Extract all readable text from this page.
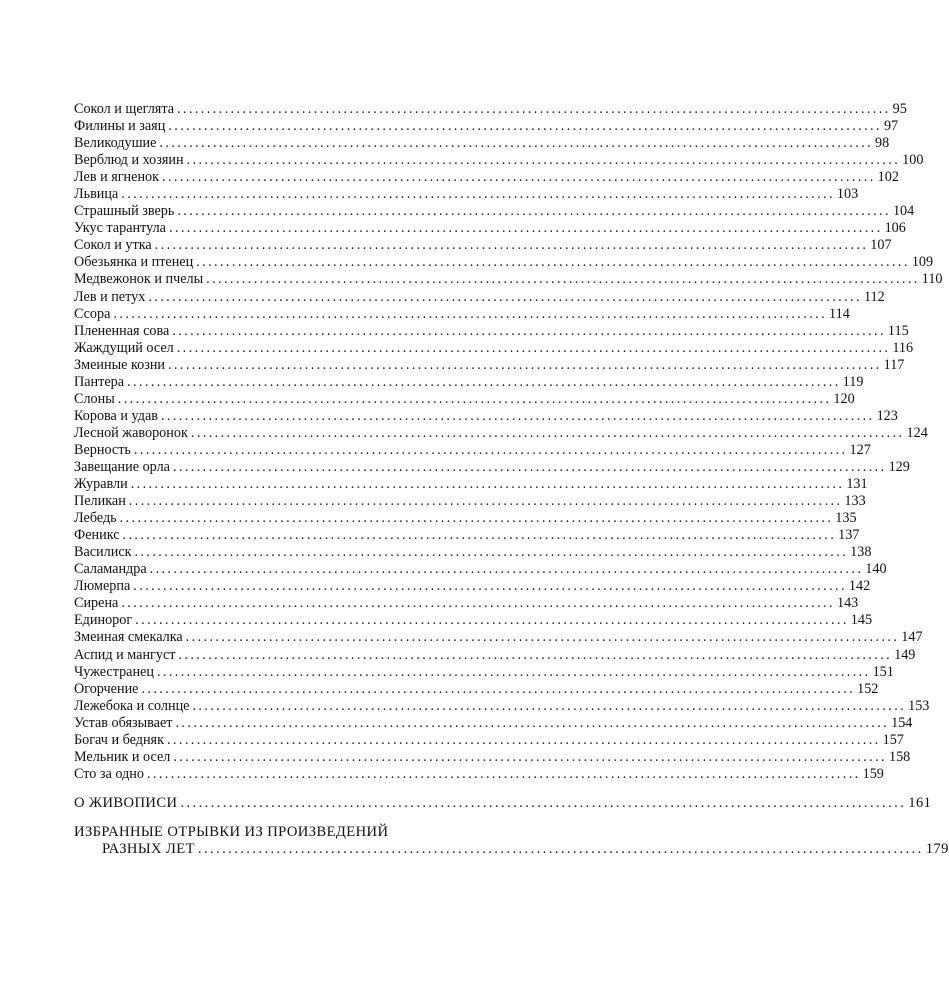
Сокол и щеглята ........................................................................................................................ 95
Филины и заяц ........................................................................................................................ 97
Великодушие ........................................................................................................................ 98
Верблюд и хозяин ........................................................................................................................ 100
Лев и ягненок ........................................................................................................................ 102
Львица ........................................................................................................................ 103
Страшный зверь ........................................................................................................................ 104
Укус тарантула ........................................................................................................................ 106
Сокол и утка ........................................................................................................................ 107
Обезьянка и птенец ........................................................................................................................ 109
Медвежонок и пчелы ........................................................................................................................ 110
Лев и петух ........................................................................................................................ 112
Ссора ........................................................................................................................ 114
Плененная сова ........................................................................................................................ 115
Жаждущий осел ........................................................................................................................ 116
Змеиные козни ........................................................................................................................ 117
Пантера ........................................................................................................................ 119
Слоны ........................................................................................................................ 120
Корова и удав ........................................................................................................................ 123
Лесной жаворонок ........................................................................................................................ 124
Верность ........................................................................................................................ 127
Завещание орла ........................................................................................................................ 129
Журавли ........................................................................................................................ 131
Пеликан ........................................................................................................................ 133
Лебедь ........................................................................................................................ 135
Феникс ........................................................................................................................ 137
Василиск ........................................................................................................................ 138
Саламандра ........................................................................................................................ 140
Люмерпа ........................................................................................................................ 142
Сирена ........................................................................................................................ 143
Единорог ........................................................................................................................ 145
Змеиная смекалка ........................................................................................................................ 147
Аспид и мангуст ........................................................................................................................ 149
Чужестранец ........................................................................................................................ 151
Огорчение ........................................................................................................................ 152
Лежебока и солнце ........................................................................................................................ 153
Устав обязывает ........................................................................................................................ 154
Богач и бедняк ........................................................................................................................ 157
Мельник и осел ........................................................................................................................ 158
Сто за одно ........................................................................................................................ 159
О ЖИВОПИСИ ........................................................................................................................ 161
ИЗБРАННЫЕ ОТРЫВКИ ИЗ ПРОИЗВЕДЕНИЙ
РАЗНЫХ ЛЕТ ........................................................................................................................ 179
